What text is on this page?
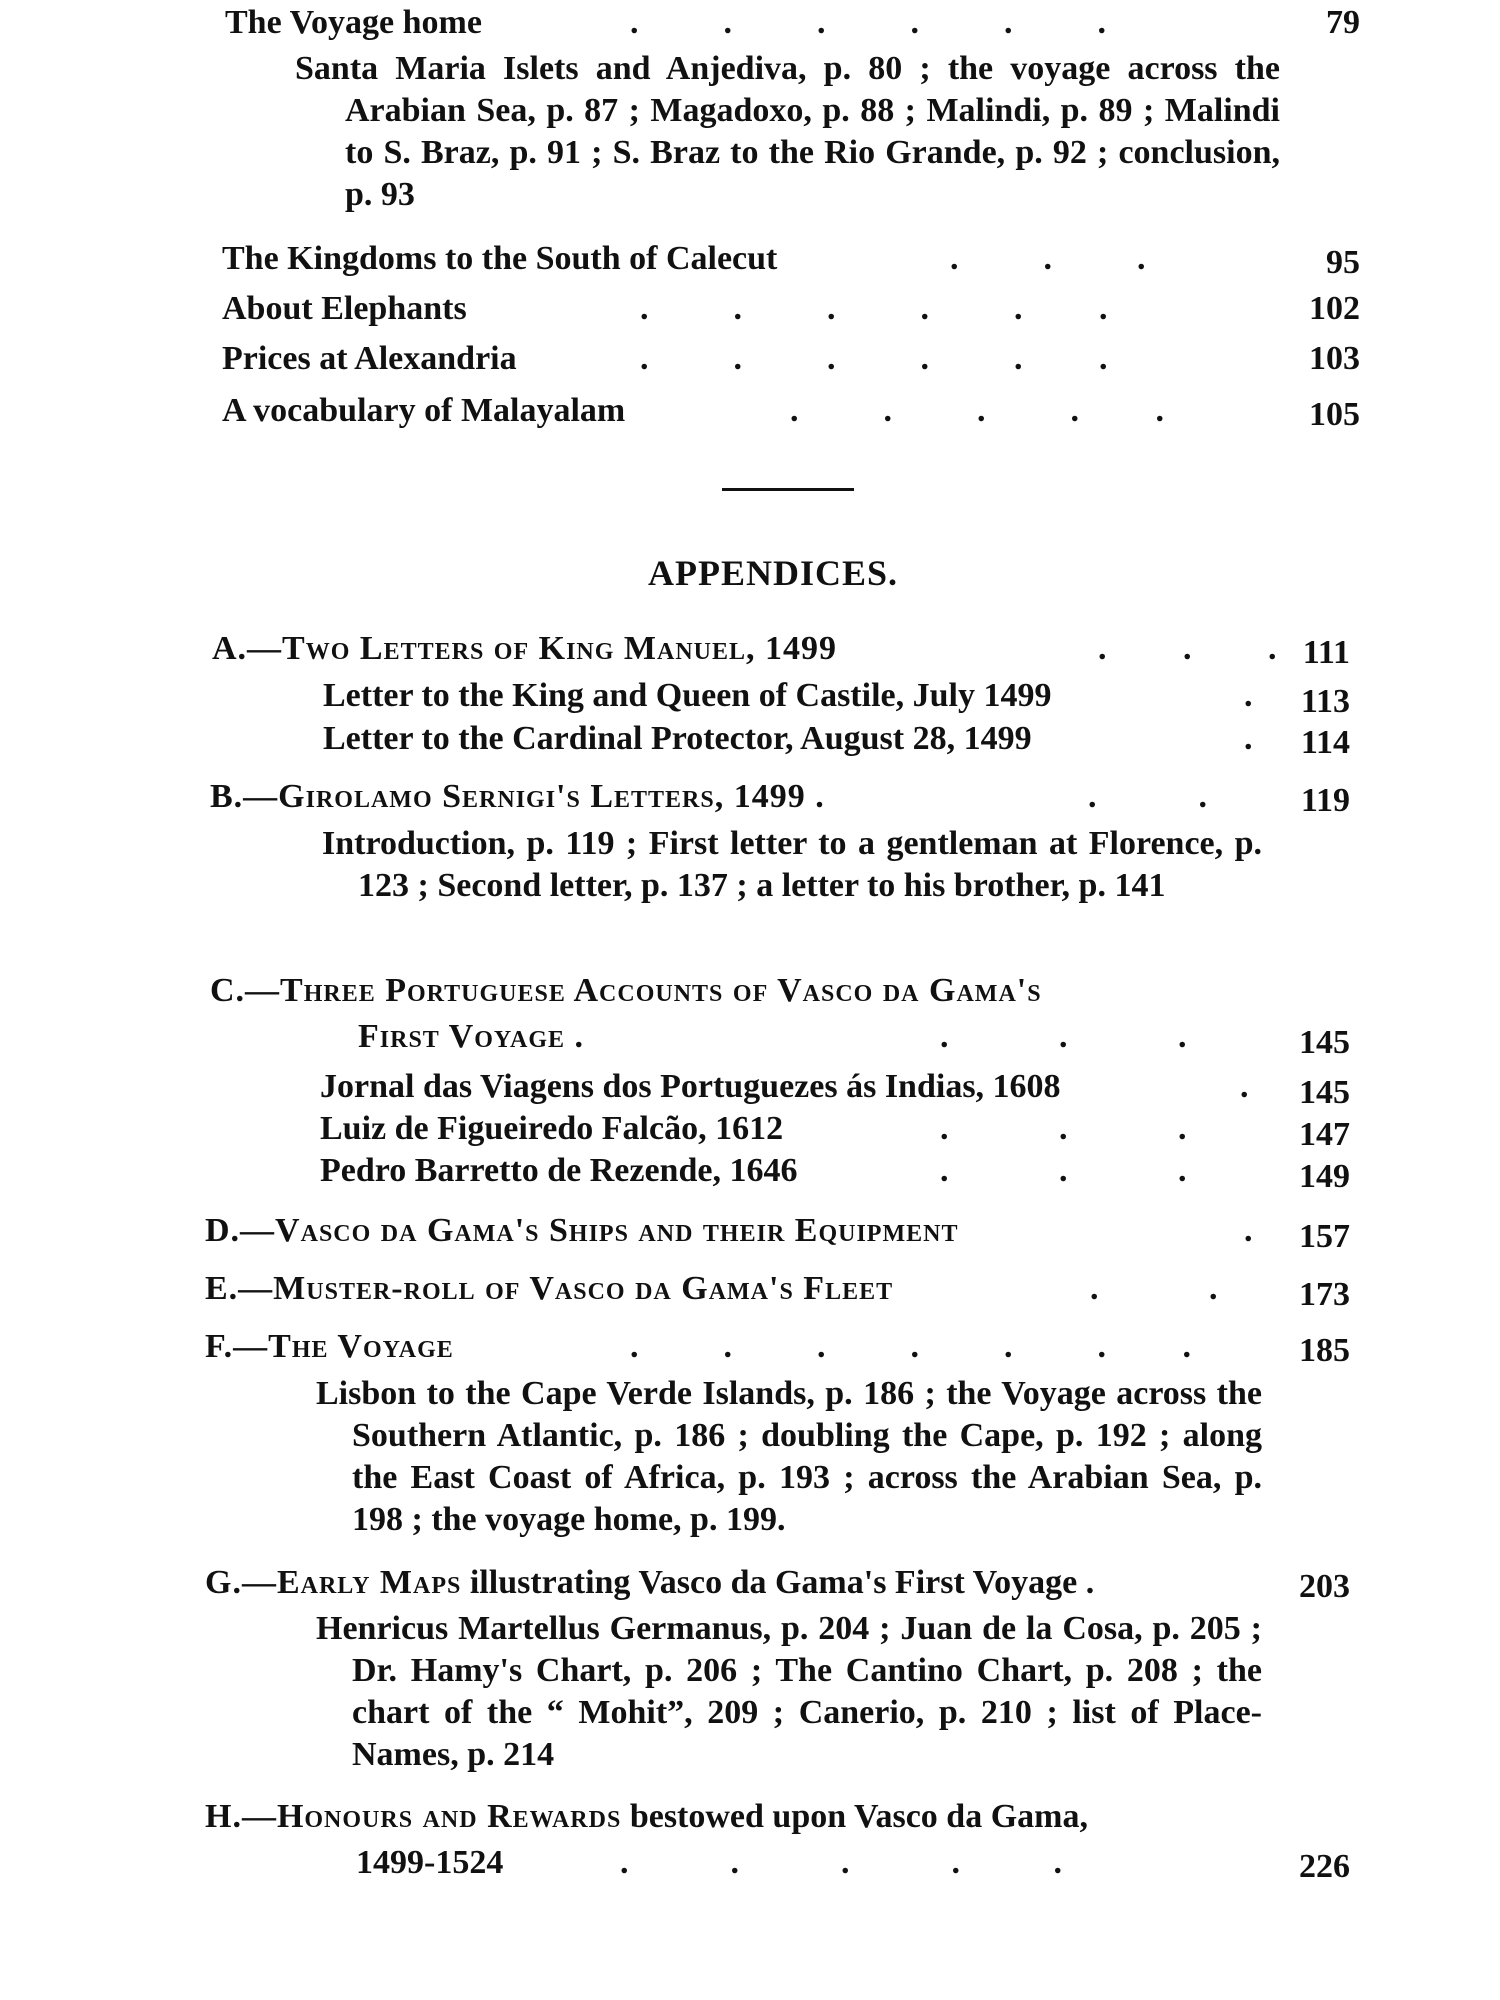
The Voyage home	.          .          .          .          .          .	79
Santa Maria Islets and Anjediva, p. 80 ; the voyage across the Arabian Sea, p. 87 ; Magadoxo, p. 88 ; Malindi, p. 89 ; Malindi to S. Braz, p. 91 ; S. Braz to the Rio Grande, p. 92 ; conclusion, p. 93
The Kingdoms to the South of Calecut	.          .          .	95
About Elephants	.          .          .          .          .         .	102
Prices at Alexandria	.          .          .          .          .         .	103
A vocabulary of Malayalam	.          .          .          .         .	105
APPENDICES.
A.—Two Letters of King Manuel, 1499	.         .         . 111
Letter to the King and Queen of Castile, July 1499	.	113
Letter to the Cardinal Protector, August 28, 1499	.	114
B.—Girolamo Sernigi's Letters, 1499 .	.            .	119
Introduction, p. 119 ; First letter to a gentleman at Florence, p. 123 ; Second letter, p. 137 ; a letter to his brother, p. 141
C.—Three Portuguese Accounts of Vasco da Gama's
First Voyage .	.             .             .	145
Jornal das Viagens dos Portuguezes ás Indias, 1608	.	145
Luiz de Figueiredo Falcão, 1612	.             .             .	147
Pedro Barretto de Rezende, 1646	.             .             .	149
D.—Vasco da Gama's Ships and their Equipment	.	157
E.—Muster-roll of Vasco da Gama's Fleet	.             .	173
F.—The Voyage	.          .          .          .          .          .         .	185
Lisbon to the Cape Verde Islands, p. 186 ; the Voyage across the Southern Atlantic, p. 186 ; doubling the Cape, p. 192 ; along the East Coast of Africa, p. 193 ; across the Arabian Sea, p. 198 ; the voyage home, p. 199.
G.—Early Maps illustrating Vasco da Gama's First Voyage .	203
Henricus Martellus Germanus, p. 204 ; Juan de la Cosa, p. 205 ; Dr. Hamy's Chart, p. 206 ; The Cantino Chart, p. 208 ; the chart of the “ Mohit”, 209 ; Canerio, p. 210 ; list of Place-Names, p. 214
H.—Honours and Rewards bestowed upon Vasco da Gama,
1499-1524	.            .            .            .           .	226
